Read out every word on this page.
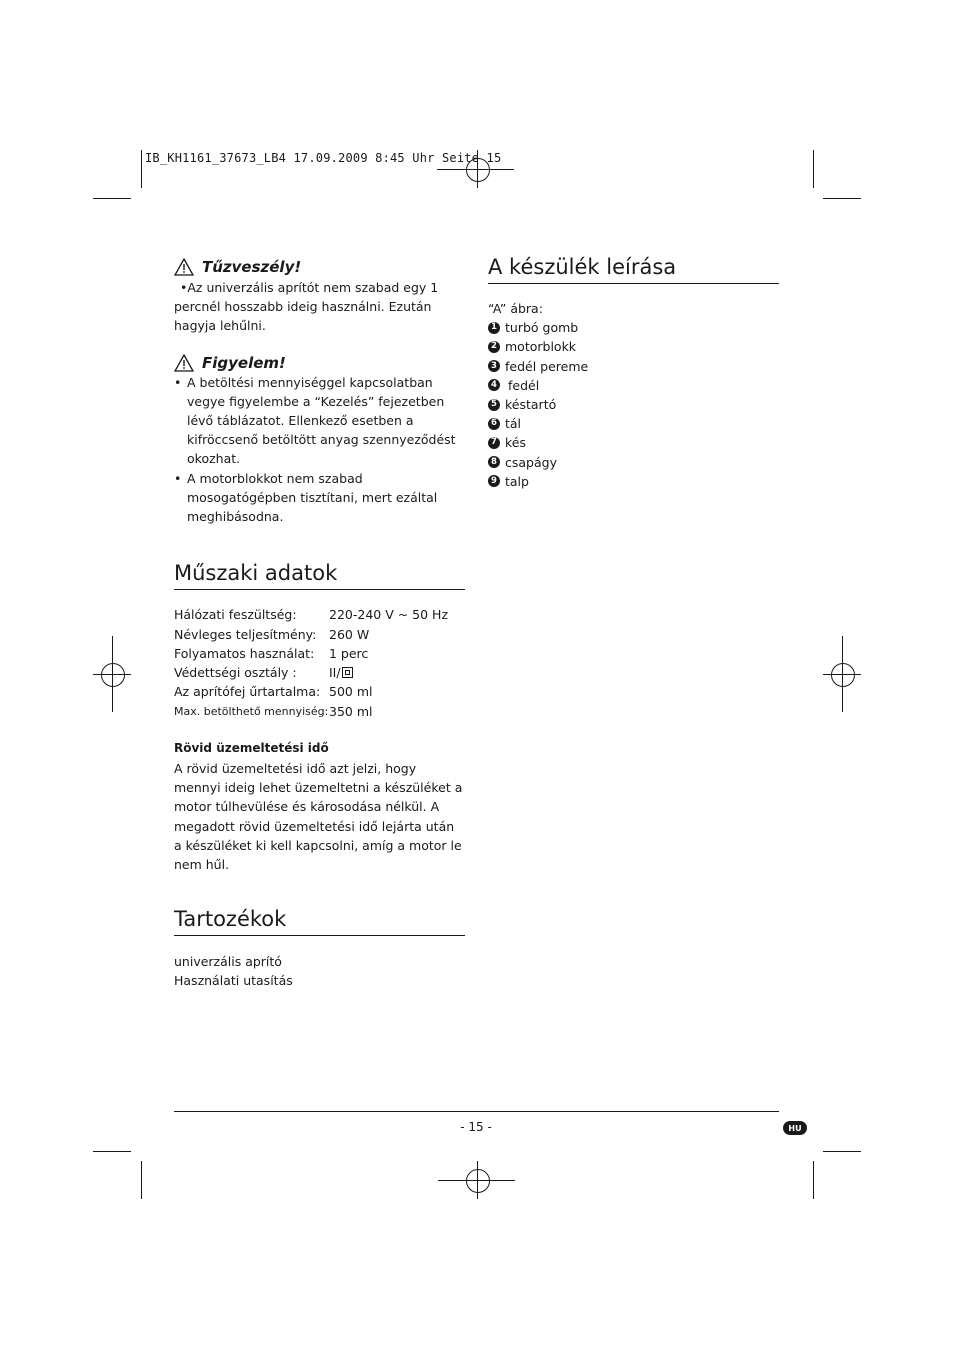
IB_KH1161_37673_LB4 17.09.2009 8:45 Uhr Seite 15
Tűzveszély!
•Az univerzális aprítót nem szabad egy 1 percnél hosszabb ideig használni. Ezután hagyja lehűlni.
Figyelem!
• A betöltési mennyiséggel kapcsolatban vegye figyelembe a “Kezelés” fejezetben lévő táblázatot. Ellenkező esetben a kifröccsenő betöltött anyag szennyeződést okozhat.
• A motorblokkot nem szabad mosogatógépben tisztítani, mert ezáltal meghibásodna.
Műszaki adatok
Hálózati feszültség:	220-240 V ~ 50 Hz
Névleges teljesítmény:	260 W
Folyamatos használat:	1 perc
Védettségi osztály :	II/
Az aprítófej űrtartalma: 500 ml
Max. betölthető mennyiség: 350 ml
Rövid üzemeltetési idő
A rövid üzemeltetési idő azt jelzi, hogy mennyi ideig lehet üzemeltetni a készüléket a motor túlhevülése és károsodása nélkül. A megadott rövid üzemeltetési idő lejárta után a készüléket ki kell kapcsolni, amíg a motor le nem hűl.
Tartozékok
univerzális aprító
Használati utasítás
A készülék leírása
“A” ábra:
1 turbó gomb
2 motorblokk
3 fedél pereme
4 fedél
5 késtartó
6 tál
7 kés
8 csapágy
9 talp
- 15 -	HU
